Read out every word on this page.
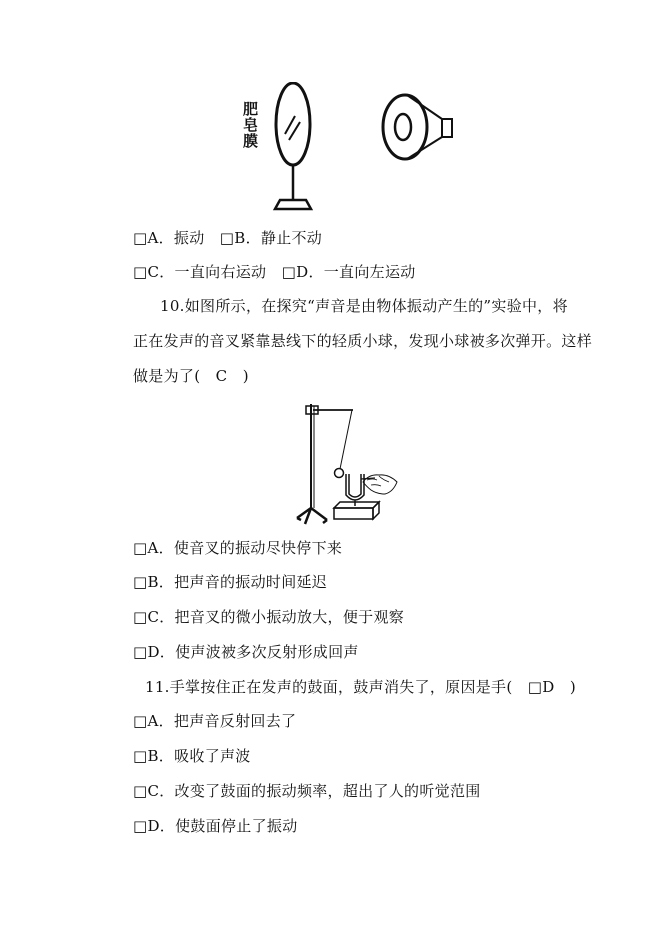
肥
皂
膜
□A．振动　□B．静止不动
□C．一直向右运动　□D．一直向左运动
10.如图所示，在探究“声音是由物体振动产生的”实验中，将
正在发声的音叉紧靠悬线下的轻质小球，发现小球被多次弹开。这样
做是为了(　C　)
□A．使音叉的振动尽快停下来
□B．把声音的振动时间延迟
□C．把音叉的微小振动放大，便于观察
□D．使声波被多次反射形成回声
11.手掌按住正在发声的鼓面，鼓声消失了，原因是手(　□D　)
□A．把声音反射回去了
□B．吸收了声波
□C．改变了鼓面的振动频率，超出了人的听觉范围
□D．使鼓面停止了振动
